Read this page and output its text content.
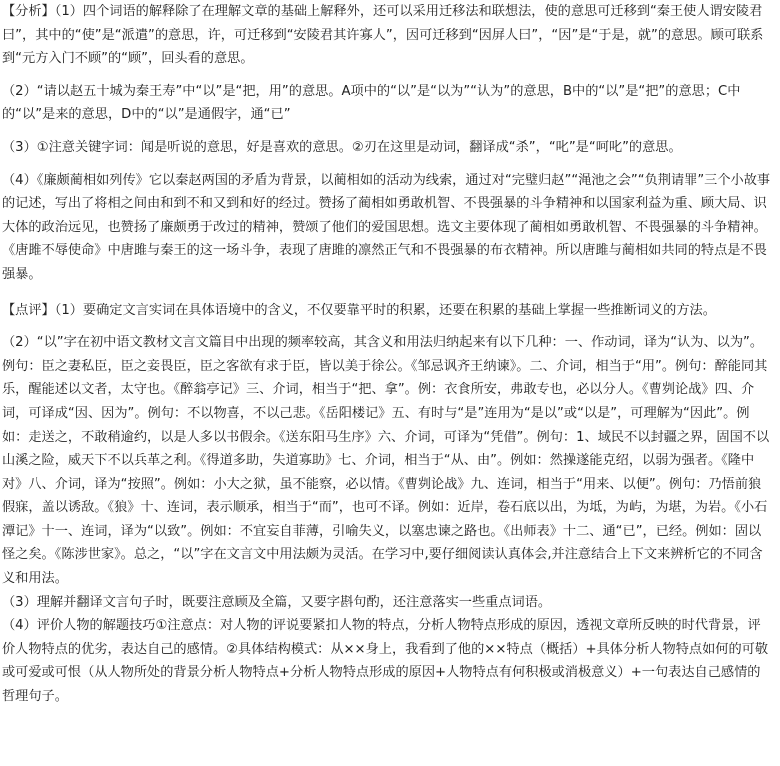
【分析】（1）四个词语的解释除了在理解文章的基础上解释外，还可以采用迁移法和联想法，使的意思可迁移到“秦王使人谓安陵君曰”，其中的“使”是“派遣”的意思，许，可迁移到“安陵君其许寡人”，因可迁移到“因屏人曰”，“因”是“于是，就”的意思。顾可联系到“元方入门不顾”的“顾”，回头看的意思。

（2）“请以赵五十城为秦王寿”中“以”是“把，用”的意思。A项中的“以”是“以为”“认为”的意思，B中的“以”是“把”的意思；C中的“以”是来的意思，D中的“以”是通假字，通“已”

（3）①注意关键字词：闻是听说的意思，好是喜欢的意思。②刃在这里是动词，翻译成“杀”，“叱”是“呵叱”的意思。

（4）《廉颇蔺相如列传》它以秦赵两国的矛盾为背景，以蔺相如的活动为线索，通过对“完璧归赵”“渑池之会”“负荆请罪”三个小故事的记述，写出了将相之间由和到不和又到和好的经过。赞扬了蔺相如勇敢机智、不畏强暴的斗争精神和以国家利益为重、顾大局、识大体的政治远见，也赞扬了廉颇勇于改过的精神，赞颂了他们的爱国思想。选文主要体现了蔺相如勇敢机智、不畏强暴的斗争精神。《唐雎不辱使命》中唐雎与秦王的这一场斗争，表现了唐雎的凛然正气和不畏强暴的布衣精神。所以唐雎与蔺相如共同的特点是不畏强暴。

【点评】（1）要确定文言实词在具体语境中的含义，不仅要靠平时的积累，还要在积累的基础上掌握一些推断词义的方法。

（2）“以”字在初中语文教材文言文篇目中出现的频率较高，其含义和用法归纳起来有以下几种：一、作动词，译为“认为、以为”。例句：臣之妻私臣，臣之妾畏臣，臣之客欲有求于臣，皆以美于徐公。《邹忌讽齐王纳谏》。二、介词，相当于“用”。例句：醉能同其乐，醒能述以文者，太守也。《醉翁亭记》三、介词，相当于“把、拿”。例：衣食所安，弗敢专也，必以分人。《曹刿论战》四、介词，可译成“因、因为”。例句：不以物喜，不以己悲。《岳阳楼记》五、有时与“是”连用为“是以”或“以是”，可理解为“因此”。例如：走送之，不敢稍逾约，以是人多以书假余。《送东阳马生序》六、介词，可译为“凭借”。例句：1、域民不以封疆之界，固国不以山溪之险，威天下不以兵革之利。《得道多助，失道寡助》七、介词，相当于“从、由”。例如：然操遂能克绍，以弱为强者。《隆中对》八、介词，译为“按照”。例如：小大之狱，虽不能察，必以情。《曹刿论战》九、连词，相当于“用来、以便”。例句：乃悟前狼假寐，盖以诱敌。《狼》十、连词，表示顺承，相当于“而”，也可不译。例如：近岸，卷石底以出，为坻，为屿，为堪，为岩。《小石潭记》十一、连词，译为“以致”。例如：不宜妄自菲薄，引喻失义，以塞忠谏之路也。《出师表》十二、通“已”，已经。例如：固以怪之矣。《陈涉世家》。总之，“以”字在文言文中用法颇为灵活。在学习中,要仔细阅读认真体会,并注意结合上下文来辨析它的不同含义和用法。

（3）理解并翻译文言句子时，既要注意顾及全篇，又要字斟句酌，还注意落实一些重点词语。

（4）评价人物的解题技巧①注意点：对人物的评说要紧扣人物的特点，分析人物特点形成的原因，透视文章所反映的时代背景，评价人物特点的优劣，表达自己的感情。②具体结构模式：从××身上，我看到了他的××特点（概括）+具体分析人物特点如何的可敬或可爱或可恨（从人物所处的背景分析人物特点+分析人物特点形成的原因+人物特点有何积极或消极意义）+一句表达自己感情的哲理句子。
